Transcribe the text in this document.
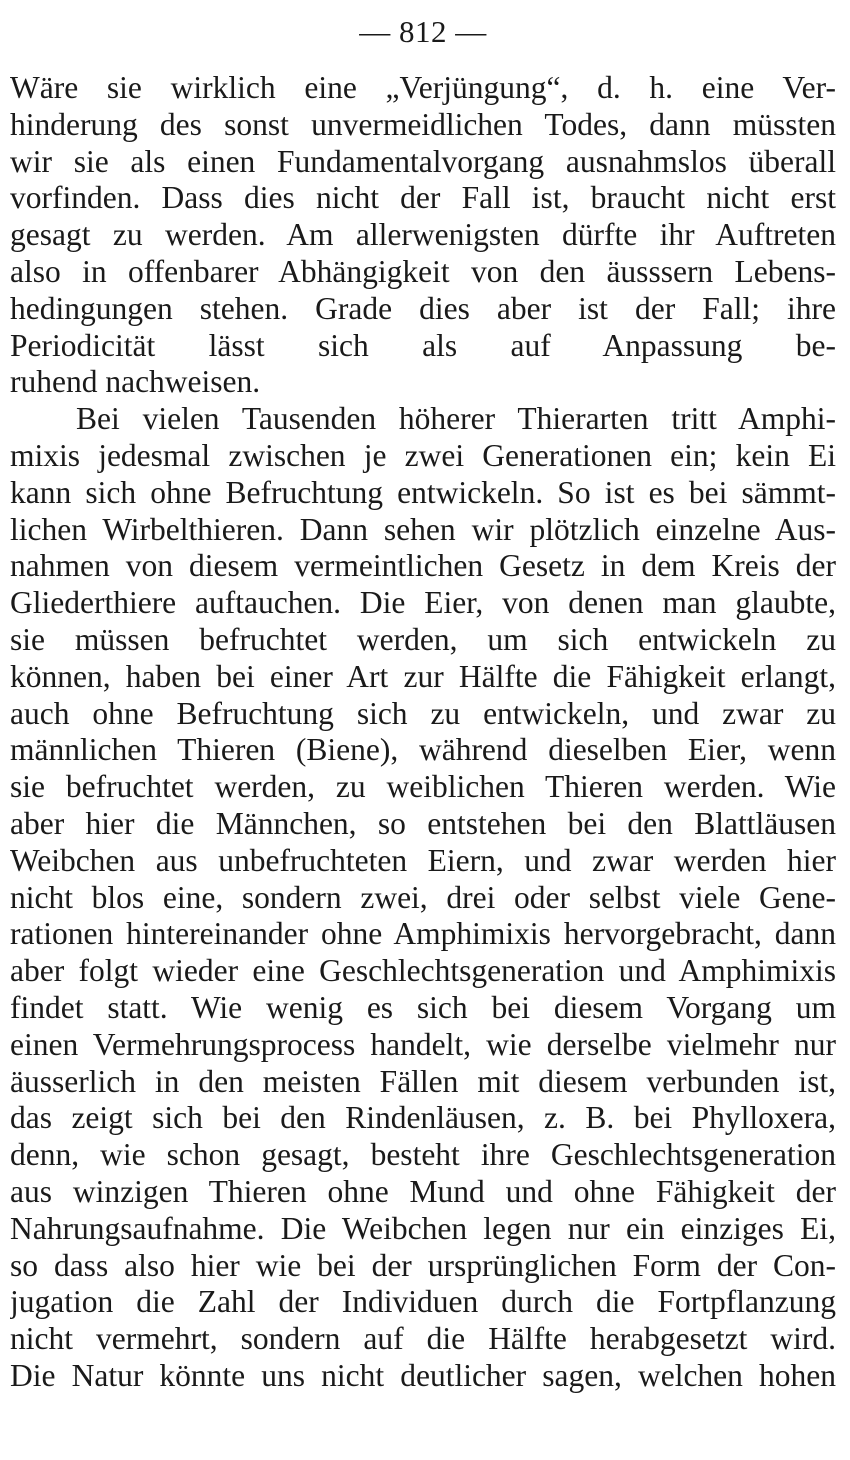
— 812 —
Wäre sie wirklich eine „Verjüngung“, d. h. eine Ver-
hinderung des sonst unvermeidlichen Todes, dann müssten
wir sie als einen Fundamentalvorgang ausnahmslos überall
vorfinden. Dass dies nicht der Fall ist, braucht nicht erst
gesagt zu werden. Am allerwenigsten dürfte ihr Auftreten
also in offenbarer Abhängigkeit von den äusssern Lebens-
hedingungen stehen. Grade dies aber ist der Fall; ihre
Periodicität lässt sich als auf Anpassung be-
ruhend nachweisen.
Bei vielen Tausenden höherer Thierarten tritt Amphi-
mixis jedesmal zwischen je zwei Generationen ein; kein Ei
kann sich ohne Befruchtung entwickeln. So ist es bei sämmt-
lichen Wirbelthieren. Dann sehen wir plötzlich einzelne Aus-
nahmen von diesem vermeintlichen Gesetz in dem Kreis der
Gliederthiere auftauchen. Die Eier, von denen man glaubte,
sie müssen befruchtet werden, um sich entwickeln zu
können, haben bei einer Art zur Hälfte die Fähigkeit erlangt,
auch ohne Befruchtung sich zu entwickeln, und zwar zu
männlichen Thieren (Biene), während dieselben Eier, wenn
sie befruchtet werden, zu weiblichen Thieren werden. Wie
aber hier die Männchen, so entstehen bei den Blattläusen
Weibchen aus unbefruchteten Eiern, und zwar werden hier
nicht blos eine, sondern zwei, drei oder selbst viele Gene-
rationen hintereinander ohne Amphimixis hervorgebracht, dann
aber folgt wieder eine Geschlechtsgeneration und Amphimixis
findet statt. Wie wenig es sich bei diesem Vorgang um
einen Vermehrungsprocess handelt, wie derselbe vielmehr nur
äusserlich in den meisten Fällen mit diesem verbunden ist,
das zeigt sich bei den Rindenläusen, z. B. bei Phylloxera,
denn, wie schon gesagt, besteht ihre Geschlechtsgeneration
aus winzigen Thieren ohne Mund und ohne Fähigkeit der
Nahrungsaufnahme. Die Weibchen legen nur ein einziges Ei,
so dass also hier wie bei der ursprünglichen Form der Con-
jugation die Zahl der Individuen durch die Fortpflanzung
nicht vermehrt, sondern auf die Hälfte herabgesetzt wird.
Die Natur könnte uns nicht deutlicher sagen, welchen hohen
